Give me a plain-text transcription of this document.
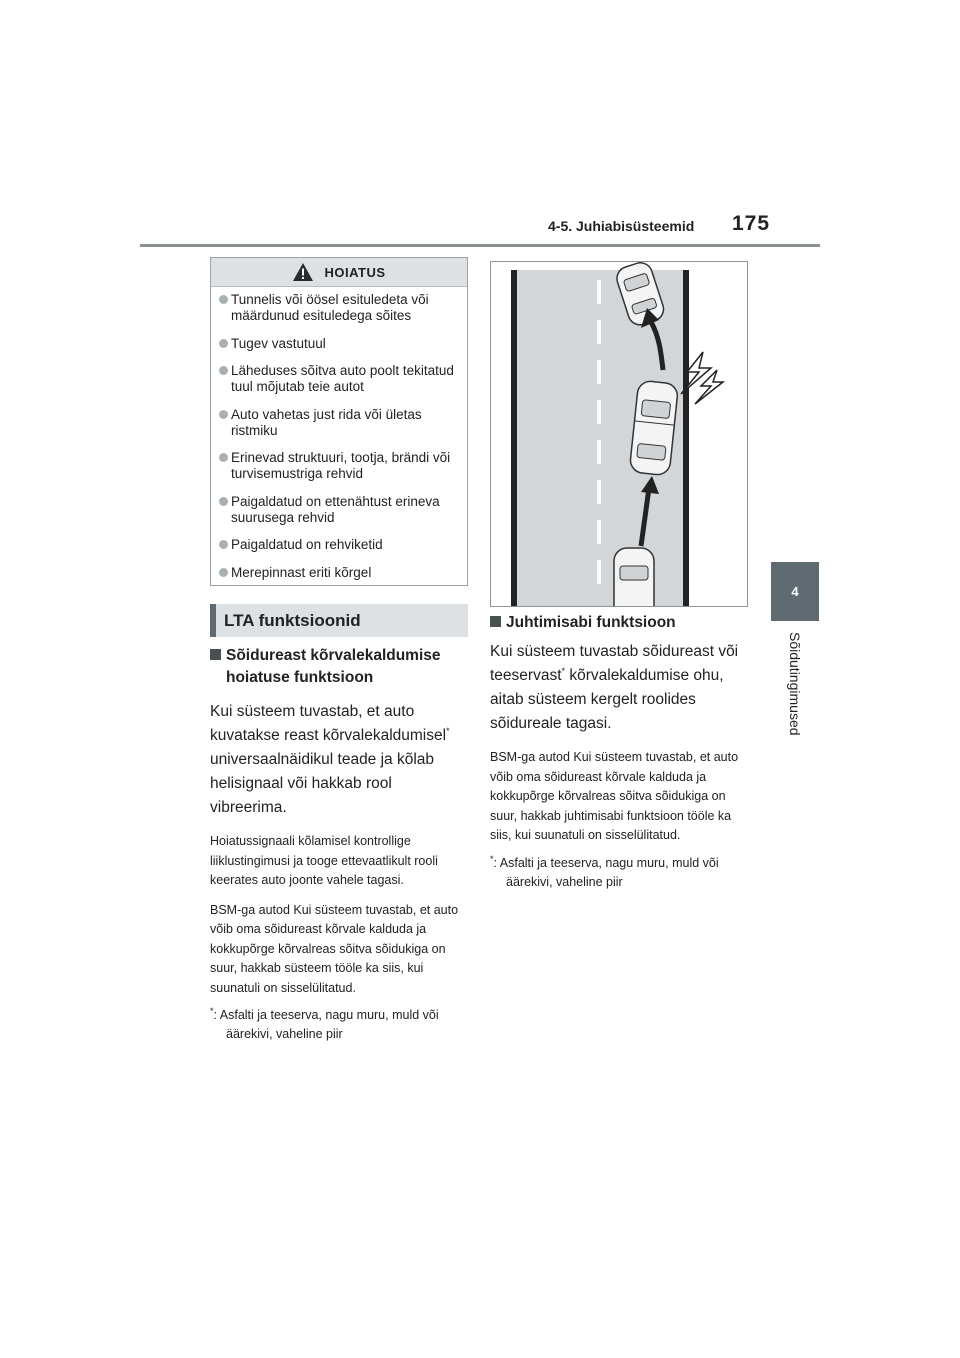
4-5. Juhiabisüsteemid 175
4
Sõidutingimused
HOIATUS
Tunnelis või öösel esituledeta või määrdunud esituledega sõites
Tugev vastutuul
Läheduses sõitva auto poolt tekitatud tuul mõjutab teie autot
Auto vahetas just rida või ületas ristmiku
Erinevad struktuuri, tootja, brändi või turvisemustriga rehvid
Paigaldatud on ettenähtust erineva suurusega rehvid
Paigaldatud on rehviketid
Merepinnast eriti kõrgel
LTA funktsioonid
Sõidureast kõrvalekaldumise
hoiatuse funktsioon

Kui süsteem tuvastab, et auto kuvatakse reast kõrvalekaldumisel* universaalnäidikul teade ja kõlab helisignaal või hakkab rool vibreerima.

Hoiatussignaali kõlamisel kontrollige liiklustingimusi ja tooge ettevaatlikult rooli keerates auto joonte vahele tagasi.

BSM-ga autod Kui süsteem tuvastab, et auto võib oma sõidureast kõrvale kalduda ja kokkupõrge kõrvalreas sõitva sõidukiga on suur, hakkab süsteem tööle ka siis, kui suunatuli on sisselülitatud.

*: Asfalti ja teeserva, nagu muru, muld või äärekivi, vaheline piir

Juhtimisabi funktsioon

Kui süsteem tuvastab sõidureast või teeservast* kõrvalekaldumise ohu, aitab süsteem kergelt roolides sõidureale tagasi.

BSM-ga autod Kui süsteem tuvastab, et auto võib oma sõidureast kõrvale kalduda ja kokkupõrge kõrvalreas sõitva sõidukiga on suur, hakkab juhtimisabi funktsioon tööle ka siis, kui suunatuli on sisselülitatud.

*: Asfalti ja teeserva, nagu muru, muld või äärekivi, vaheline piir
